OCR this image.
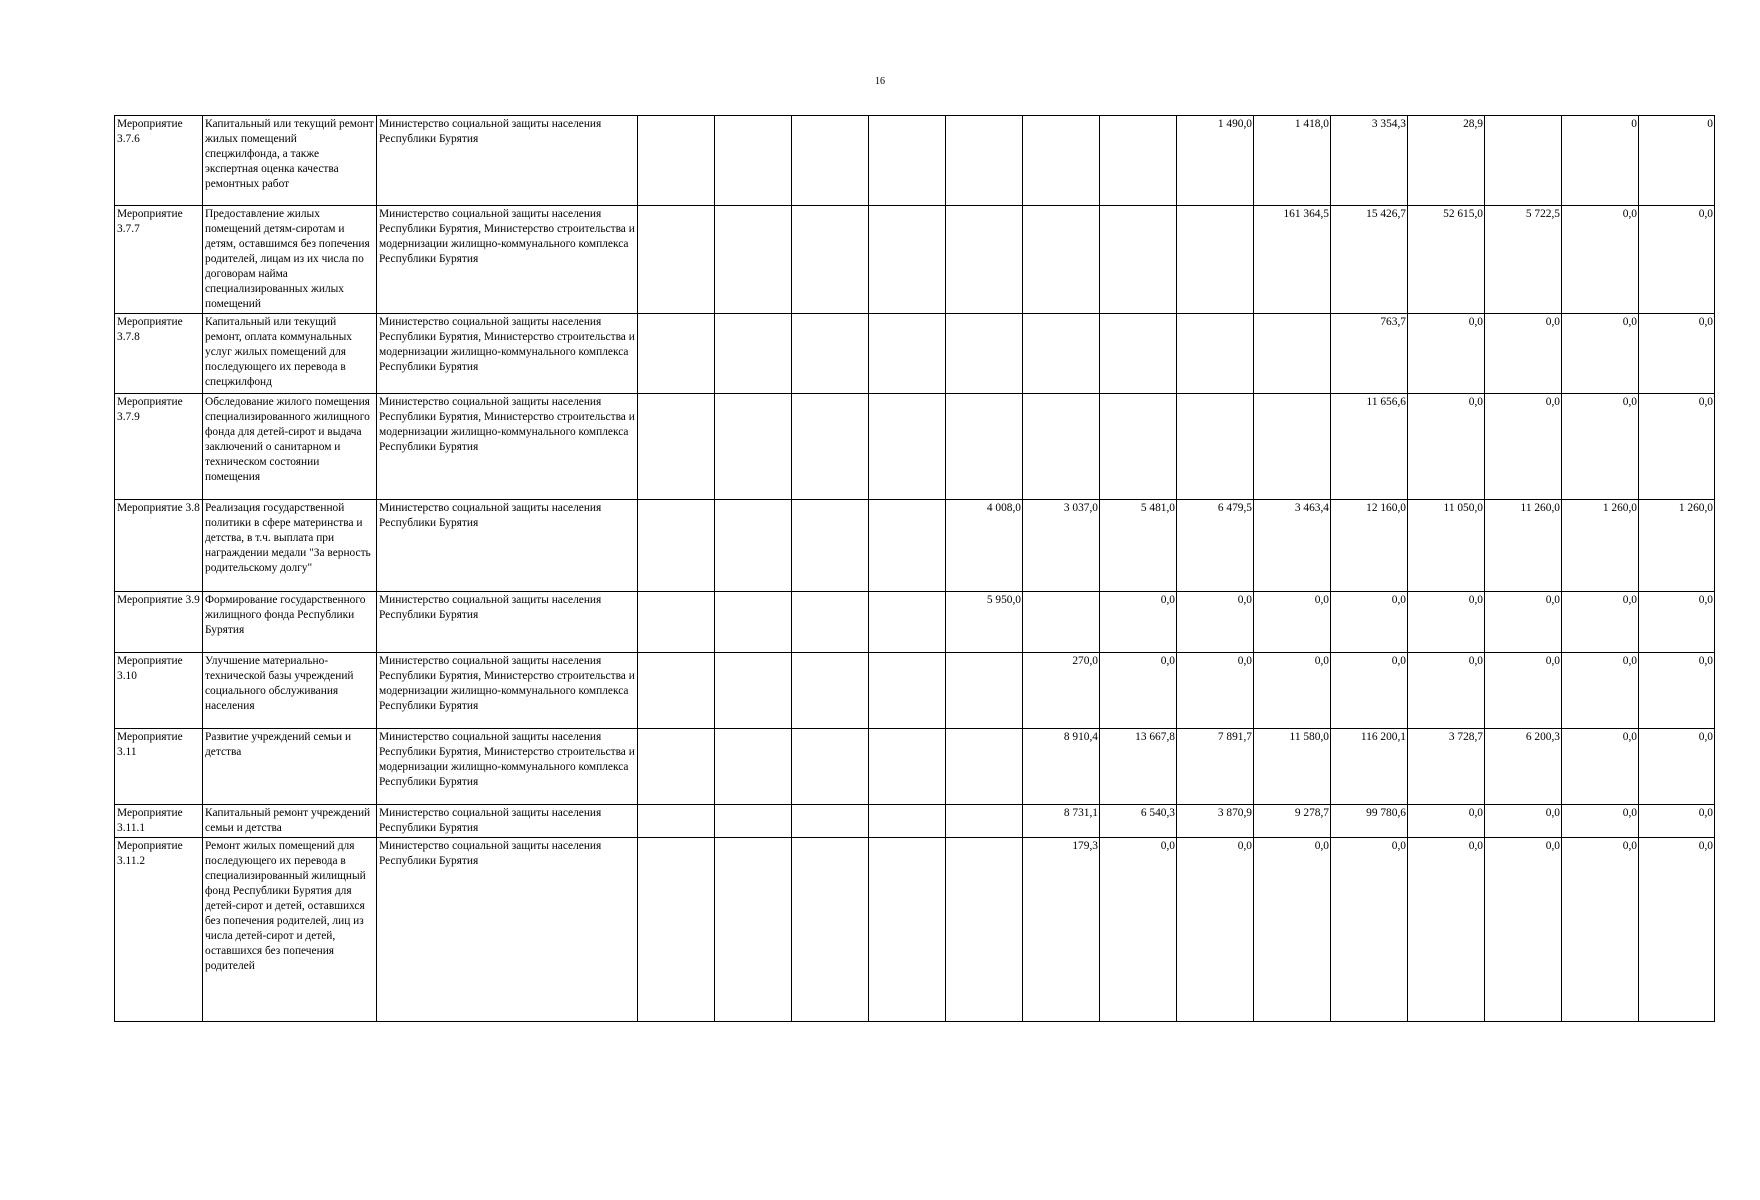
16
Мероприятие 3.7.6	Капитальный или текущий ремонт жилых помещений спецжилфонда, а также экспертная оценка качества ремонтных работ	Министерство социальной защиты населения Республики Бурятия								1 490,0	1 418,0	3 354,3	28,9		0	0
Мероприятие 3.7.7	Предоставление жилых помещений детям-сиротам и детям, оставшимся без попечения родителей, лицам из их числа по договорам найма специализированных жилых помещений	Министерство социальной защиты населения Республики Бурятия, Министерство строительства и модернизации жилищно-коммунального комплекса Республики Бурятия									161 364,5	15 426,7	52 615,0	5 722,5	0,0	0,0
Мероприятие 3.7.8	Капитальный или текущий ремонт, оплата коммунальных услуг жилых помещений для последующего их перевода в спецжилфонд	Министерство социальной защиты населения Республики Бурятия, Министерство строительства и модернизации жилищно-коммунального комплекса Республики Бурятия										763,7	0,0	0,0	0,0	0,0
Мероприятие 3.7.9	Обследование жилого помещения специализированного жилищного фонда для детей-сирот и выдача заключений о санитарном и техническом состоянии помещения	Министерство социальной защиты населения Республики Бурятия, Министерство строительства и модернизации жилищно-коммунального комплекса Республики Бурятия										11 656,6	0,0	0,0	0,0	0,0
Мероприятие 3.8	Реализация государственной политики в сфере материнства и детства, в т.ч. выплата при награждении медали "За верность родительскому долгу"	Министерство социальной защиты населения Республики Бурятия					4 008,0	3 037,0	5 481,0	6 479,5	3 463,4	12 160,0	11 050,0	11 260,0	1 260,0	1 260,0
Мероприятие 3.9	Формирование государственного жилищного фонда Республики Бурятия	Министерство социальной защиты населения Республики Бурятия					5 950,0		0,0	0,0	0,0	0,0	0,0	0,0	0,0	0,0
Мероприятие 3.10	Улучшение материально-технической базы учреждений социального обслуживания населения	Министерство социальной защиты населения Республики Бурятия, Министерство строительства и модернизации жилищно-коммунального комплекса Республики Бурятия						270,0	0,0	0,0	0,0	0,0	0,0	0,0	0,0	0,0
Мероприятие 3.11	Развитие учреждений семьи и детства	Министерство социальной защиты населения Республики Бурятия, Министерство строительства и модернизации жилищно-коммунального комплекса Республики Бурятия						8 910,4	13 667,8	7 891,7	11 580,0	116 200,1	3 728,7	6 200,3	0,0	0,0
Мероприятие 3.11.1	Капитальный ремонт учреждений семьи и детства	Министерство социальной защиты населения Республики Бурятия						8 731,1	6 540,3	3 870,9	9 278,7	99 780,6	0,0	0,0	0,0	0,0
Мероприятие 3.11.2	Ремонт жилых помещений для последующего их перевода в специализированный жилищный фонд Республики Бурятия для детей-сирот и детей, оставшихся без попечения родителей, лиц из числа детей-сирот и детей, оставшихся без попечения родителей	Министерство социальной защиты населения Республики Бурятия						179,3	0,0	0,0	0,0	0,0	0,0	0,0	0,0	0,0
